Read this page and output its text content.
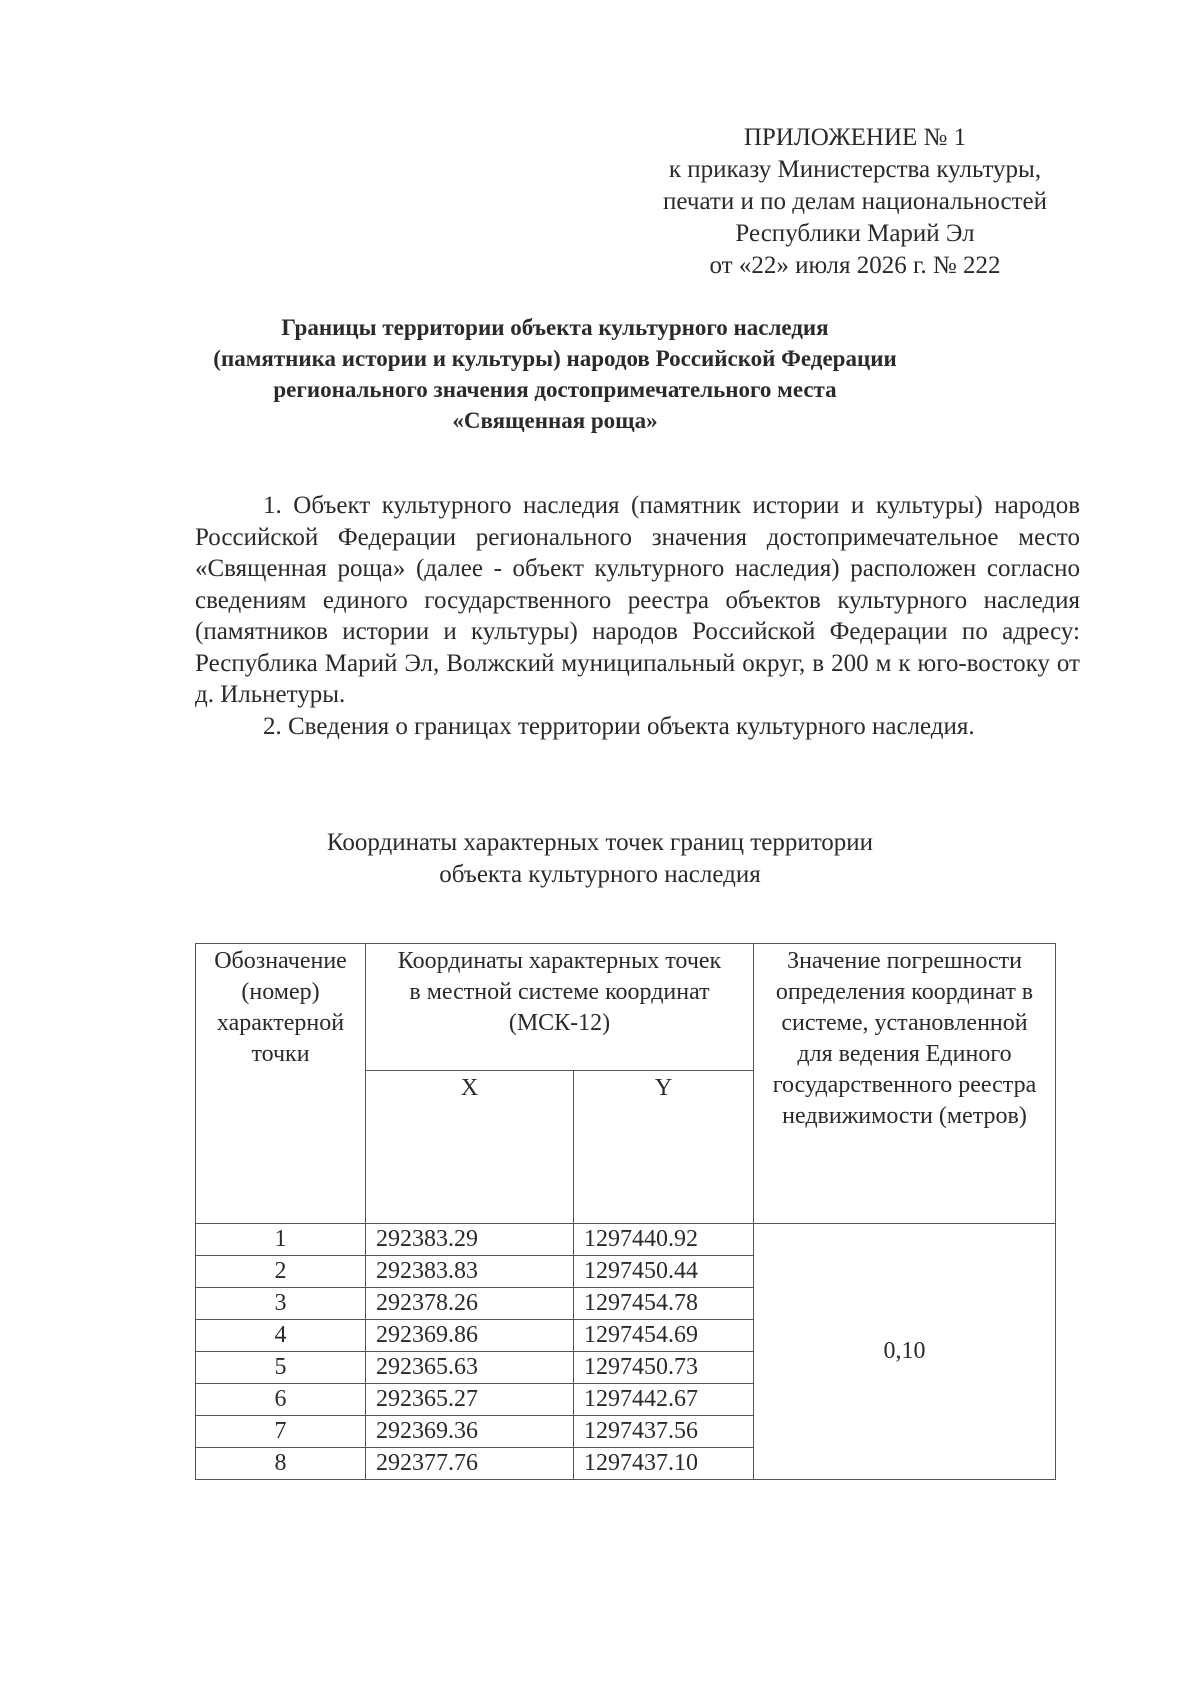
ПРИЛОЖЕНИЕ № 1
к приказу Министерства культуры,
печати и по делам национальностей
Республики Марий Эл
от «22» июля 2026 г. № 222
Границы территории объекта культурного наследия
(памятника истории и культуры) народов Российской Федерации
регионального значения достопримечательного места
«Священная роща»

1. Объект культурного наследия (памятник истории и культуры) народов Российской Федерации регионального значения достопримечательное место «Священная роща» (далее - объект культурного наследия) расположен согласно сведениям единого государственного реестра объектов культурного наследия (памятников истории и культуры) народов Российской Федерации по адресу: Республика Марий Эл, Волжский муниципальный округ, в 200 м к юго-востоку от д. Ильнетуры.

2. Сведения о границах территории объекта культурного наследия.

Координаты характерных точек границ территории
объекта культурного наследия
Обозначение (номер) характерной точки	Координаты характерных точек в местной системе координат (МСК-12)		Значение погрешности определения координат в системе, установленной для ведения Единого государственного реестра недвижимости (метров)
	X	Y	
1	292383.29	1297440.92	0,10
2	292383.83	1297450.44	
3	292378.26	1297454.78	
4	292369.86	1297454.69	
5	292365.63	1297450.73	
6	292365.27	1297442.67	
7	292369.36	1297437.56	
8	292377.76	1297437.10	
